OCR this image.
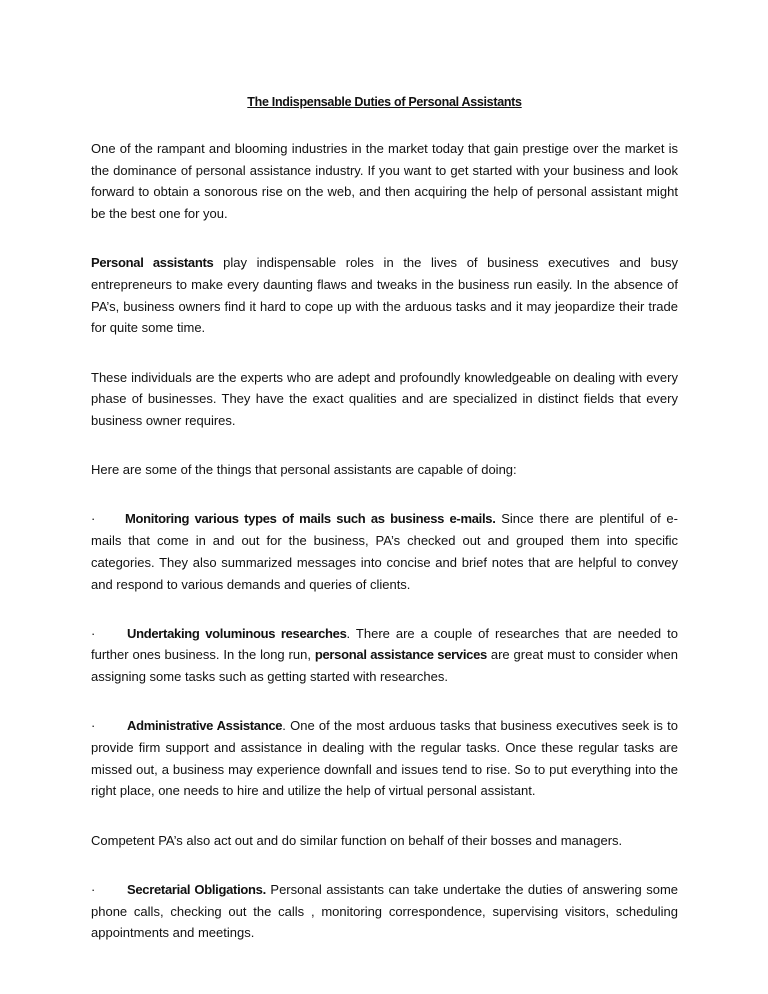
The Indispensable Duties of Personal Assistants

One of the rampant and blooming industries in the market today that gain prestige over the market is the dominance of personal assistance industry. If you want to get started with your business and look forward to obtain a sonorous rise on the web, and then acquiring the help of personal assistant might be the best one for you.

Personal assistants play indispensable roles in the lives of business executives and busy entrepreneurs to make every daunting flaws and tweaks in the business run easily. In the absence of PA’s, business owners find it hard to cope up with the arduous tasks and it may jeopardize their trade for quite some time.

These individuals are the experts who are adept and profoundly knowledgeable on dealing with every phase of businesses. They have the exact qualities and are specialized in distinct fields that every business owner requires.

Here are some of the things that personal assistants are capable of doing:

· Monitoring various types of mails such as business e-mails. Since there are plentiful of e-mails that come in and out for the business, PA’s checked out and grouped them into specific categories. They also summarized messages into concise and brief notes that are helpful to convey and respond to various demands and queries of clients.

· Undertaking voluminous researches. There are a couple of researches that are needed to further ones business. In the long run, personal assistance services are great must to consider when assigning some tasks such as getting started with researches.

· Administrative Assistance. One of the most arduous tasks that business executives seek is to provide firm support and assistance in dealing with the regular tasks. Once these regular tasks are missed out, a business may experience downfall and issues tend to rise. So to put everything into the right place, one needs to hire and utilize the help of virtual personal assistant.

Competent PA’s also act out and do similar function on behalf of their bosses and managers.

· Secretarial Obligations. Personal assistants can take undertake the duties of answering some phone calls, checking out the calls , monitoring correspondence, supervising visitors, scheduling appointments and meetings.
